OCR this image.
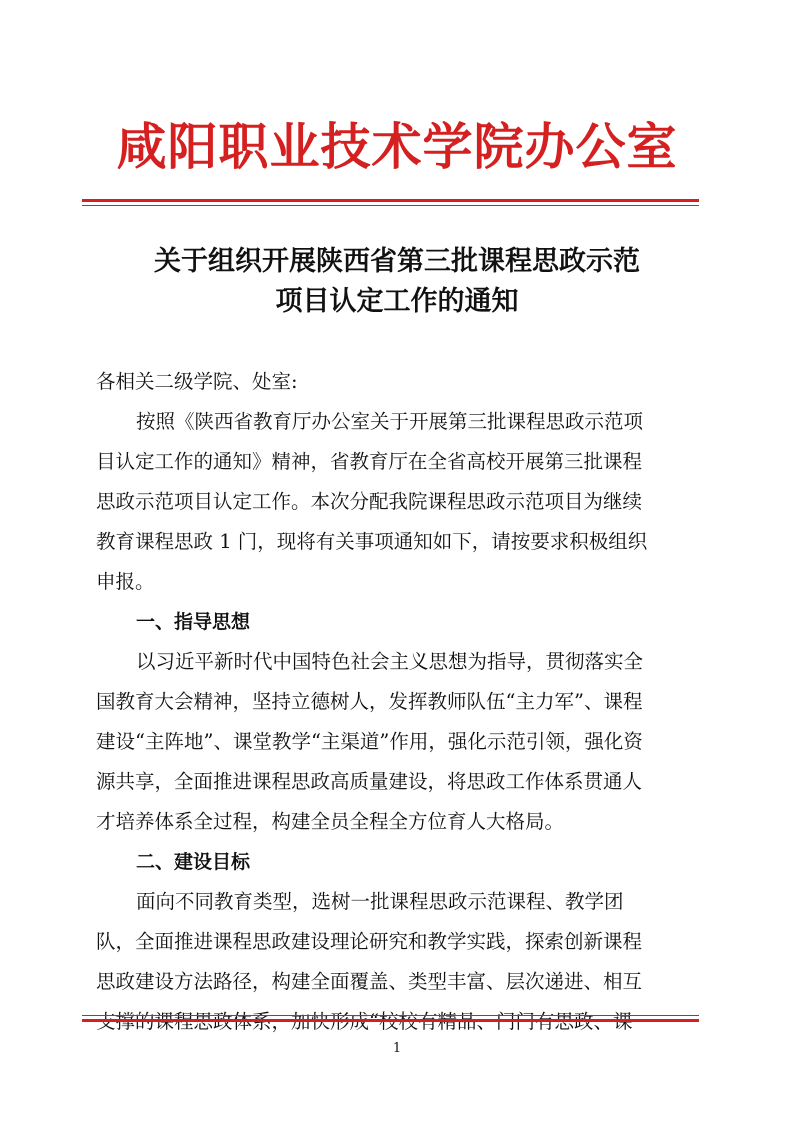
咸阳职业技术学院办公室
关于组织开展陕西省第三批课程思政示范
项目认定工作的通知

各相关二级学院、处室:

按照《陕西省教育厅办公室关于开展第三批课程思政示范项

目认定工作的通知》精神，省教育厅在全省高校开展第三批课程

思政示范项目认定工作。本次分配我院课程思政示范项目为继续

教育课程思政 1 门，现将有关事项通知如下，请按要求积极组织

申报。

一、指导思想

以习近平新时代中国特色社会主义思想为指导，贯彻落实全

国教育大会精神，坚持立德树人，发挥教师队伍“主力军”、课程

建设“主阵地”、课堂教学“主渠道”作用，强化示范引领，强化资

源共享，全面推进课程思政高质量建设，将思政工作体系贯通人

才培养体系全过程，构建全员全程全方位育人大格局。

二、建设目标

面向不同教育类型，选树一批课程思政示范课程、教学团

队，全面推进课程思政建设理论研究和教学实践，探索创新课程

思政建设方法路径，构建全面覆盖、类型丰富、层次递进、相互

1
